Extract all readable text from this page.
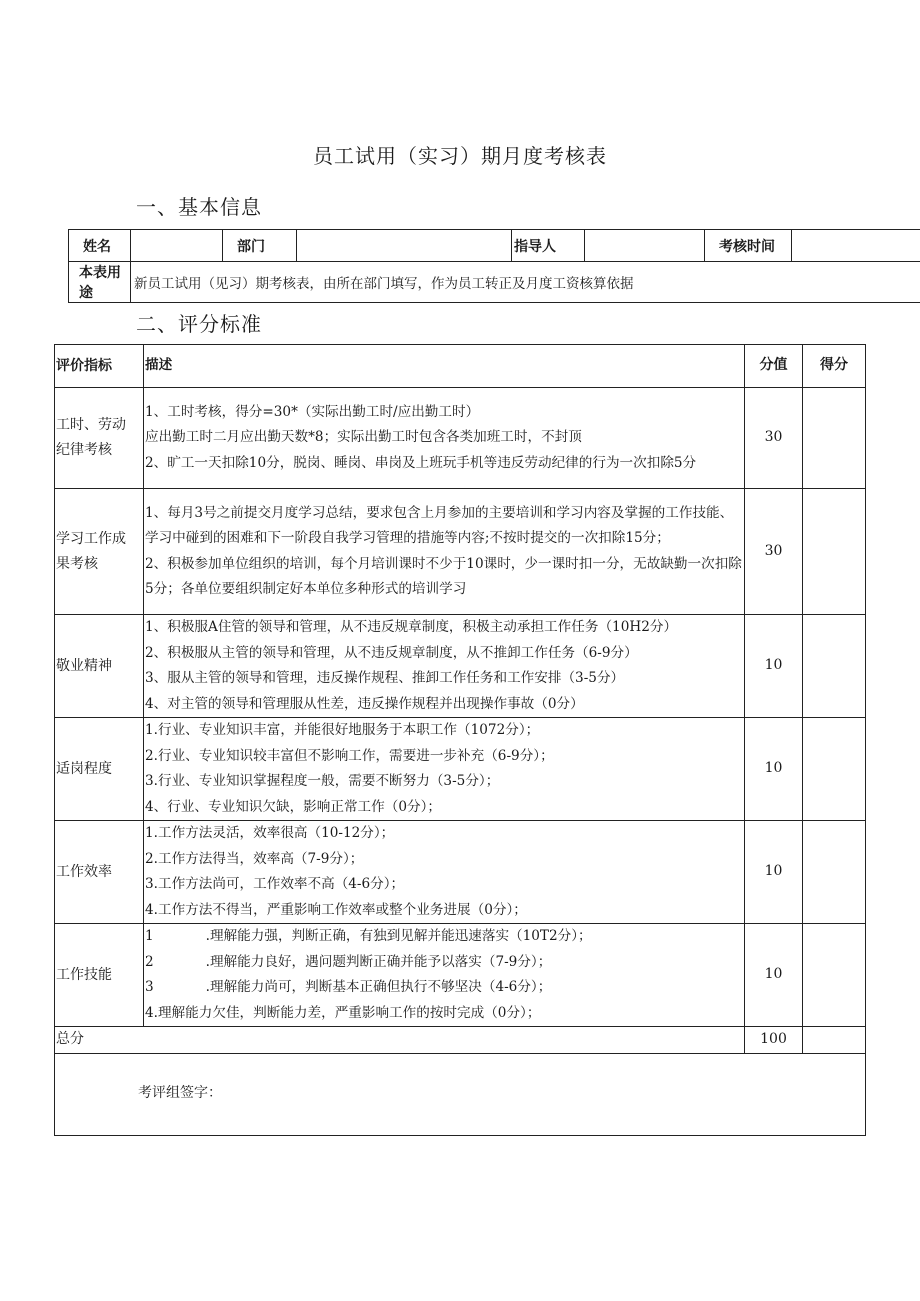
员工试用（实习）期月度考核表
一、基本信息
姓名		部门		指导人		考核时间	
本表用途	新员工试用（见习）期考核表，由所在部门填写，作为员工转正及月度工资核算依据						
二、评分标准
评价指标	描述	分值	得分

工时、劳动
纪律考核	1、工时考核，得分=30*（实际出勤工时/应出勤工时）
应出勤工时二月应出勤天数*8；实际出勤工时包含各类加班工时，不封顶
2、旷工一天扣除10分，脱岗、睡岗、串岗及上班玩手机等违反劳动纪律的行为一次扣除5分	30	

学习工作成
果考核	1、每月3号之前提交月度学习总结，要求包含上月参加的主要培训和学习内容及掌握的工作技能、学习中碰到的困难和下一阶段自我学习管理的措施等内容;不按时提交的一次扣除15分；
2、积极参加单位组织的培训，每个月培训课时不少于10课时，少一课时扣一分，无故缺勤一次扣除5分；各单位要组织制定好本单位多种形式的培训学习	30	

敬业精神	1、积极服A住管的领导和管理，从不违反规章制度，积极主动承担工作任务（10H2分）
2、积极服从主管的领导和管理，从不违反规章制度，从不推卸工作任务（6-9分）
3、服从主管的领导和管理，违反操作规程、推卸工作任务和工作安排（3-5分）
4、对主管的领导和管理服从性差，违反操作规程并出现操作事故（0分）	10	

适岗程度	1.行业、专业知识丰富，并能很好地服务于本职工作（1072分）；
2.行业、专业知识较丰富但不影响工作，需要进一步补充（6-9分）；
3.行业、专业知识掌握程度一般，需要不断努力（3-5分）；
4、行业、专业知识欠缺，影响正常工作（0分）；	10	

工作效率	1.工作方法灵活，效率很高（10-12分）；
2.工作方法得当，效率高（7-9分）；
3.工作方法尚可，工作效率不高（4-6分）；
4.工作方法不得当，严重影响工作效率或整个业务进展（0分）；	10	

工作技能	1 .理解能力强，判断正确，有独到见解并能迅速落实（10T2分）；
2 .理解能力良好，遇问题判断正确并能予以落实（7-9分）；
3 .理解能力尚可，判断基本正确但执行不够坚决（4-6分）；
4.理解能力欠佳，判断能力差，严重影响工作的按时完成（0分）；	10	
总分		100	
考评组签字：			
